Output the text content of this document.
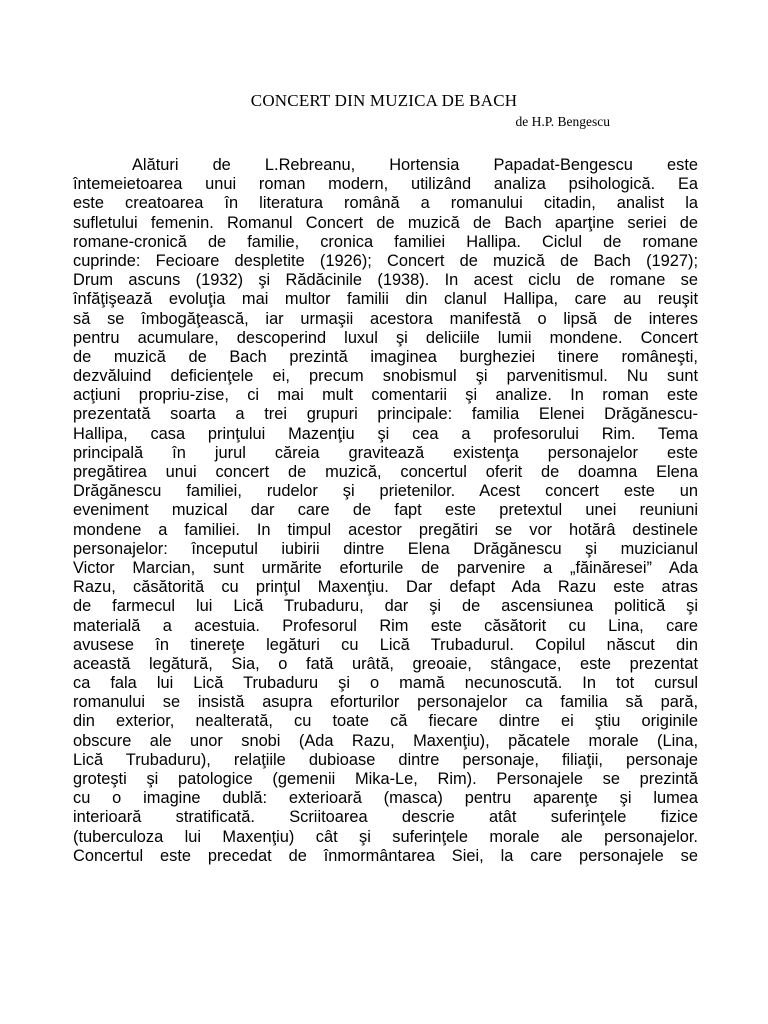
CONCERT DIN MUZICA DE BACH
de H.P. Bengescu
Alături de L.Rebreanu, Hortensia Papadat-Bengescu este
întemeietoarea unui roman modern, utilizând analiza psihologică. Ea
este creatoarea în literatura română a romanului citadin, analist la
sufletului femenin. Romanul Concert de muzică de Bach aparţine seriei de
romane-cronică de familie, cronica familiei Hallipa. Ciclul de romane
cuprinde: Fecioare despletite (1926); Concert de muzică de Bach (1927);
Drum ascuns (1932) şi Rădăcinile (1938). In acest ciclu de romane se
înfăţişează evoluţia mai multor familii din clanul Hallipa, care au reuşit
să se îmbogăţească, iar urmaşii acestora manifestă o lipsă de interes
pentru acumulare, descoperind luxul şi deliciile lumii mondene. Concert
de muzică de Bach prezintă imaginea burgheziei tinere româneşti,
dezvăluind deficienţele ei, precum snobismul şi parvenitismul. Nu sunt
acţiuni propriu-zise, ci mai mult comentarii şi analize. In roman este
prezentată soarta a trei grupuri principale: familia Elenei Drăgănescu-
Hallipa, casa prinţului Mazenţiu şi cea a profesorului Rim. Tema
principală în jurul căreia gravitează existenţa personajelor este
pregătirea unui concert de muzică, concertul oferit de doamna Elena
Drăgănescu familiei, rudelor şi prietenilor. Acest concert este un
eveniment muzical dar care de fapt este pretextul unei reuniuni
mondene a familiei. In timpul acestor pregătiri se vor hotărâ destinele
personajelor: începutul iubirii dintre Elena Drăgănescu şi muzicianul
Victor Marcian, sunt urmărite eforturile de parvenire a „făinăresei” Ada
Razu, căsătorită cu prinţul Maxenţiu. Dar defapt Ada Razu este atras
de farmecul lui Lică Trubaduru, dar şi de ascensiunea politică şi
materială a acestuia. Profesorul Rim este căsătorit cu Lina, care
avusese în tinereţe legături cu Lică Trubadurul. Copilul născut din
această legătură, Sia, o fată urâtă, greoaie, stângace, este prezentat
ca fala lui Lică Trubaduru şi o mamă necunoscută. In tot cursul
romanului se insistă asupra eforturilor personajelor ca familia să pară,
din exterior, nealterată, cu toate că fiecare dintre ei ştiu originile
obscure ale unor snobi (Ada Razu, Maxenţiu), păcatele morale (Lina,
Lică Trubaduru), relaţiile dubioase dintre personaje, filiaţii, personaje
groteşti şi patologice (gemenii Mika-Le, Rim). Personajele se prezintă
cu o imagine dublă: exterioară (masca) pentru aparenţe şi lumea
interioară stratificată. Scriitoarea descrie atât suferinţele fizice
(tuberculoza lui Maxenţiu) cât şi suferinţele morale ale personajelor.
Concertul este precedat de înmormântarea Siei, la care personajele se
